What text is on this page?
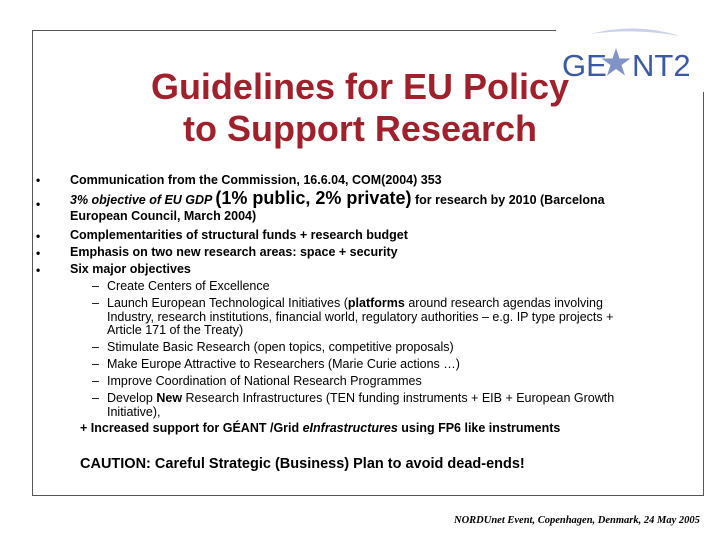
GE NT2
Guidelines for EU Policy
to Support Research
• Communication from the Commission, 16.6.04, COM(2004) 353
• 3% objective of EU GDP (1% public, 2% private) for research by 2010 (Barcelona
European Council, March 2004)
• Complementarities of structural funds + research budget
• Emphasis on two new research areas: space + security
• Six major objectives
– Create Centers of Excellence
– Launch European Technological Initiatives (platforms around research agendas involving
Industry, research institutions, financial world, regulatory authorities – e.g. IP type projects +
Article 171 of the Treaty)
– Stimulate Basic Research (open topics, competitive proposals)
– Make Europe Attractive to Researchers (Marie Curie actions …)
– Improve Coordination of National Research Programmes
– Develop New Research Infrastructures (TEN funding instruments + EIB + European Growth
Initiative),
+ Increased support for GÉANT /Grid eInfrastructures using FP6 like instruments
CAUTION: Careful Strategic (Business) Plan to avoid dead-ends!
NORDUnet Event, Copenhagen, Denmark, 24 May 2005
